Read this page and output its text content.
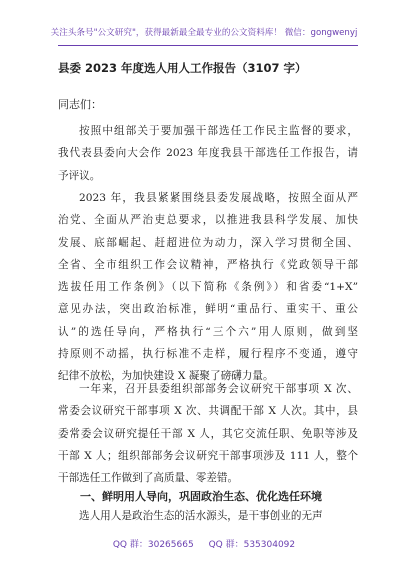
关注头条号"公文研究"，获得最新最全最专业的公文资料库！ 微信：gongwenyj
县委 2023 年度选人用人工作报告（3107 字）
同志们：
按照中组部关于要加强干部选任工作民主监督的要求，
我代表县委向大会作 2023 年度我县干部选任工作报告，请
予评议。
2023 年，我县紧紧围绕县委发展战略，按照全面从严
治党、全面从严治吏总要求，以推进我县科学发展、加快
发展、底部崛起、赶超进位为动力，深入学习贯彻全国、
全省、全市组织工作会议精神，严格执行《党政领导干部
选拔任用工作条例》（以下简称《条例》）和省委“1+X”
意见办法，突出政治标准，鲜明“重品行、重实干、重公
认”的选任导向，严格执行“三个六”用人原则，做到坚
持原则不动摇，执行标准不走样，履行程序不变通，遵守
纪律不放松，为加快建设 X 凝聚了磅礴力量。
一年来，召开县委组织部部务会议研究干部事项 X 次、
常委会议研究干部事项 X 次、共调配干部 X 人次。其中，县
委常委会议研究提任干部 X 人，其它交流任职、免职等涉及
干部 X 人；组织部部务会议研究干部事项涉及 111 人，整个
干部选任工作做到了高质量、零差错。
一、鲜明用人导向，巩固政治生态、优化选任环境
选人用人是政治生态的活水源头，是干事创业的无声
QQ 群：30265665 QQ 群：535304092
